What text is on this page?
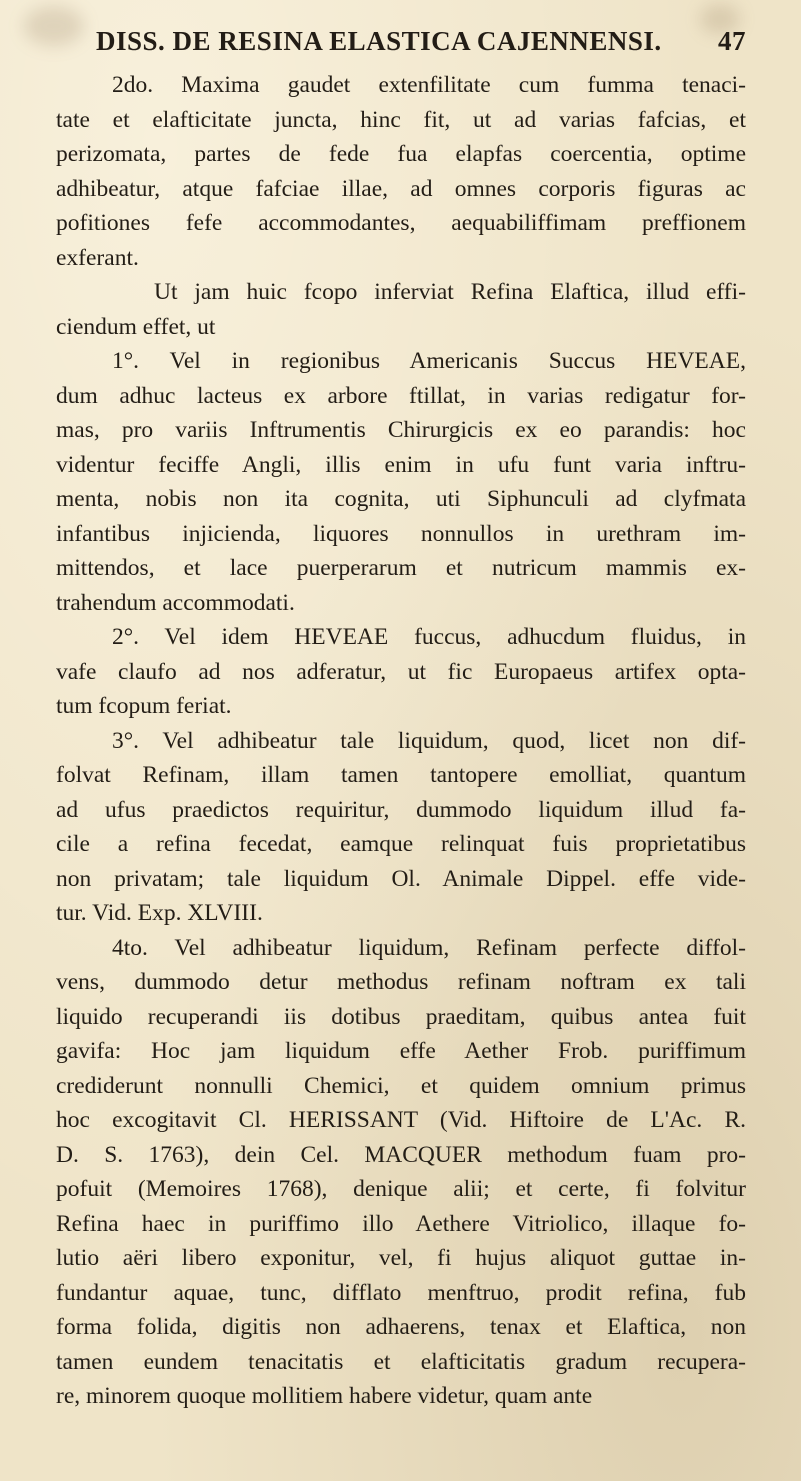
DISS. DE RESINA ELASTICA CAJENNENSI. 47
2do. Maxima gaudet extenfilitate cum fumma tenaci-
tate et elafticitate juncta, hinc fit, ut ad varias fafcias, et
perizomata, partes de fede fua elapfas coercentia, optime
adhibeatur, atque fafciae illae, ad omnes corporis figuras ac
pofitiones fefe accommodantes, aequabiliffimam preffionem
exferant.
Ut jam huic fcopo inferviat Refina Elaftica, illud effi-
ciendum effet, ut
1°. Vel in regionibus Americanis Succus HEVEAE,
dum adhuc lacteus ex arbore ftillat, in varias redigatur for-
mas, pro variis Inftrumentis Chirurgicis ex eo parandis: hoc
videntur feciffe Angli, illis enim in ufu funt varia inftru-
menta, nobis non ita cognita, uti Siphunculi ad clyfmata
infantibus injicienda, liquores nonnullos in urethram im-
mittendos, et lace puerperarum et nutricum mammis ex-
trahendum accommodati.
2°. Vel idem HEVEAE fuccus, adhucdum fluidus, in
vafe claufo ad nos adferatur, ut fic Europaeus artifex opta-
tum fcopum feriat.
3°. Vel adhibeatur tale liquidum, quod, licet non dif-
folvat Refinam, illam tamen tantopere emolliat, quantum
ad ufus praedictos requiritur, dummodo liquidum illud fa-
cile a refina fecedat, eamque relinquat fuis proprietatibus
non privatam; tale liquidum Ol. Animale Dippel. effe vide-
tur. Vid. Exp. XLVIII.
4to. Vel adhibeatur liquidum, Refinam perfecte diffol-
vens, dummodo detur methodus refinam noftram ex tali
liquido recuperandi iis dotibus praeditam, quibus antea fuit
gavifa: Hoc jam liquidum effe Aether Frob. puriffimum
crediderunt nonnulli Chemici, et quidem omnium primus
hoc excogitavit Cl. HERISSANT (Vid. Hiftoire de L'Ac. R.
D. S. 1763), dein Cel. MACQUER methodum fuam pro-
pofuit (Memoires 1768), denique alii; et certe, fi folvitur
Refina haec in puriffimo illo Aethere Vitriolico, illaque fo-
lutio aëri libero exponitur, vel, fi hujus aliquot guttae in-
fundantur aquae, tunc, difflato menftruo, prodit refina, fub
forma folida, digitis non adhaerens, tenax et Elaftica, non
tamen eundem tenacitatis et elafticitatis gradum recupera-
re, minorem quoque mollitiem habere videtur, quam ante
